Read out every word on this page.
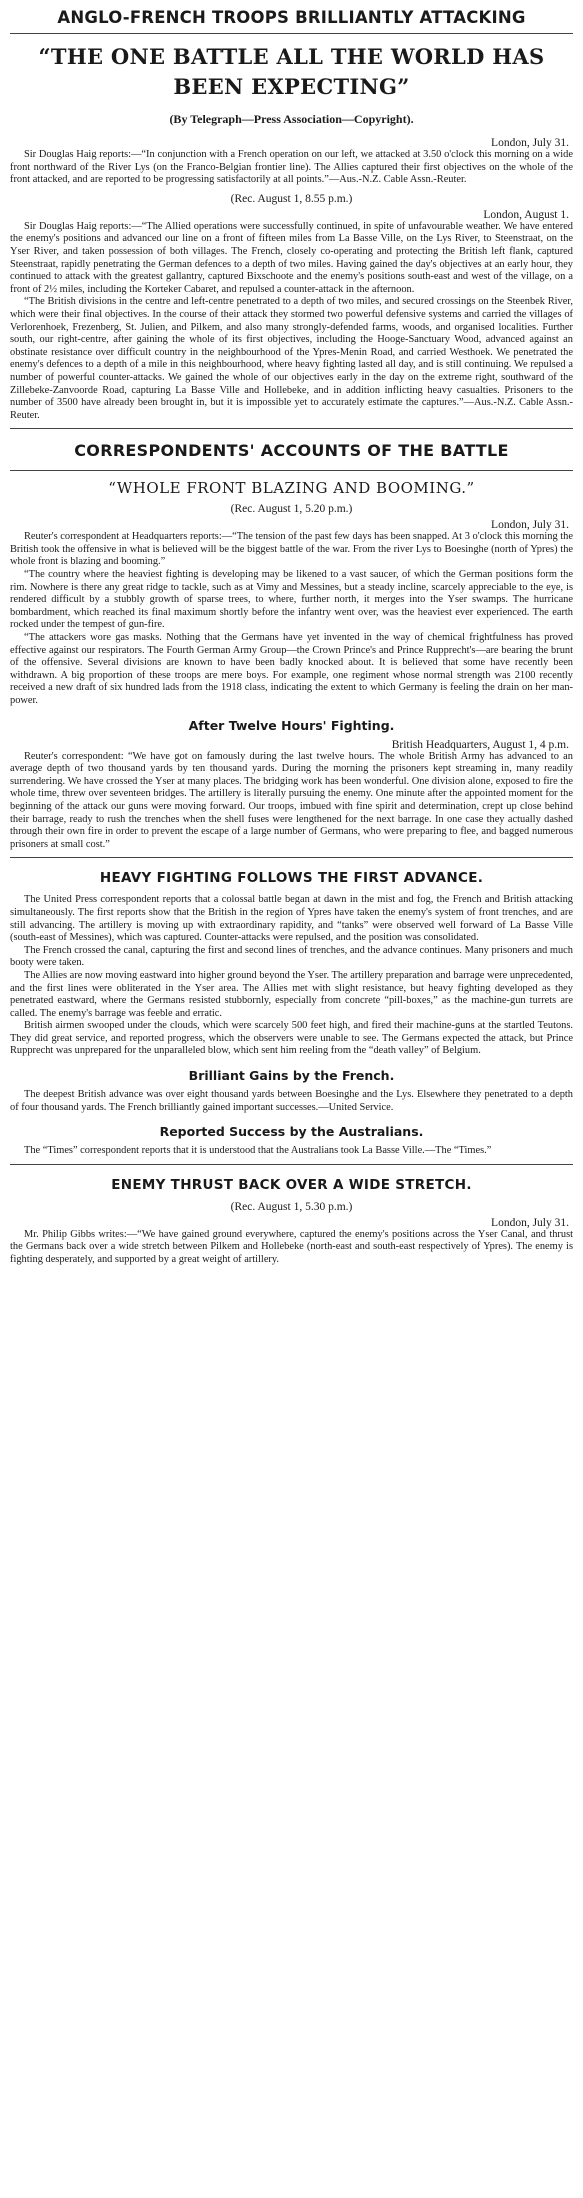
ANGLO-FRENCH TROOPS BRILLIANTLY ATTACKING
“THE ONE BATTLE ALL THE WORLD HAS BEEN EXPECTING”
(By Telegraph—Press Association—Copyright).
London, July 31.

Sir Douglas Haig reports:—“In conjunction with a French operation on our left, we attacked at 3.50 o'clock this morning on a wide front northward of the River Lys (on the Franco-Belgian frontier line). The Allies captured their first objectives on the whole of the front attacked, and are reported to be progressing satisfactorily at all points.”—Aus.-N.Z. Cable Assn.-Reuter.

(Rec. August 1, 8.55 p.m.)
London, August 1.

Sir Douglas Haig reports:—“The Allied operations were successfully continued, in spite of unfavourable weather. We have entered the enemy's positions and advanced our line on a front of fifteen miles from La Basse Ville, on the Lys River, to Steenstraat, on the Yser River, and taken possession of both villages. The French, closely co-operating and protecting the British left flank, captured Steenstraat, rapidly penetrating the German defences to a depth of two miles. Having gained the day's objectives at an early hour, they continued to attack with the greatest gallantry, captured Bixschoote and the enemy's positions south-east and west of the village, on a front of 2½ miles, including the Korteker Cabaret, and repulsed a counter-attack in the afternoon.

“The British divisions in the centre and left-centre penetrated to a depth of two miles, and secured crossings on the Steenbek River, which were their final objectives. In the course of their attack they stormed two powerful defensive systems and carried the villages of Verlorenhoek, Frezenberg, St. Julien, and Pilkem, and also many strongly-defended farms, woods, and organised localities. Further south, our right-centre, after gaining the whole of its first objectives, including the Hooge-Sanctuary Wood, advanced against an obstinate resistance over difficult country in the neighbourhood of the Ypres-Menin Road, and carried Westhoek. We penetrated the enemy's defences to a depth of a mile in this neighbourhood, where heavy fighting lasted all day, and is still continuing. We repulsed a number of powerful counter-attacks. We gained the whole of our objectives early in the day on the extreme right, southward of the Zillebeke-Zanvoorde Road, capturing La Basse Ville and Hollebeke, and in addition inflicting heavy casualties. Prisoners to the number of 3500 have already been brought in, but it is impossible yet to accurately estimate the captures.”—Aus.-N.Z. Cable Assn.-Reuter.

CORRESPONDENTS' ACCOUNTS OF THE BATTLE
“WHOLE FRONT BLAZING AND BOOMING.”
(Rec. August 1, 5.20 p.m.)
London, July 31.

Reuter's correspondent at Headquarters reports:—“The tension of the past few days has been snapped. At 3 o'clock this morning the British took the offensive in what is believed will be the biggest battle of the war. From the river Lys to Boesinghe (north of Ypres) the whole front is blazing and booming.”

“The country where the heaviest fighting is developing may be likened to a vast saucer, of which the German positions form the rim. Nowhere is there any great ridge to tackle, such as at Vimy and Messines, but a steady incline, scarcely appreciable to the eye, is rendered difficult by a stubbly growth of sparse trees, to where, further north, it merges into the Yser swamps. The hurricane bombardment, which reached its final maximum shortly before the infantry went over, was the heaviest ever experienced. The earth rocked under the tempest of gun-fire.

“The attackers wore gas masks. Nothing that the Germans have yet invented in the way of chemical frightfulness has proved effective against our respirators. The Fourth German Army Group—the Crown Prince's and Prince Rupprecht's—are bearing the brunt of the offensive. Several divisions are known to have been badly knocked about. It is believed that some have recently been withdrawn. A big proportion of these troops are mere boys. For example, one regiment whose normal strength was 2100 recently received a new draft of six hundred lads from the 1918 class, indicating the extent to which Germany is feeling the drain on her man-power.

After Twelve Hours' Fighting.
British Headquarters, August 1, 4 p.m.

Reuter's correspondent: “We have got on famously during the last twelve hours. The whole British Army has advanced to an average depth of two thousand yards by ten thousand yards. During the morning the prisoners kept streaming in, many readily surrendering. We have crossed the Yser at many places. The bridging work has been wonderful. One division alone, exposed to fire the whole time, threw over seventeen bridges. The artillery is literally pursuing the enemy. One minute after the appointed moment for the beginning of the attack our guns were moving forward. Our troops, imbued with fine spirit and determination, crept up close behind their barrage, ready to rush the trenches when the shell fuses were lengthened for the next barrage. In one case they actually dashed through their own fire in order to prevent the escape of a large number of Germans, who were preparing to flee, and bagged numerous prisoners at small cost.”

HEAVY FIGHTING FOLLOWS THE FIRST ADVANCE.

The United Press correspondent reports that a colossal battle began at dawn in the mist and fog, the French and British attacking simultaneously. The first reports show that the British in the region of Ypres have taken the enemy's system of front trenches, and are still advancing. The artillery is moving up with extraordinary rapidity, and “tanks” were observed well forward of La Basse Ville (south-east of Messines), which was captured. Counter-attacks were repulsed, and the position was consolidated.

The French crossed the canal, capturing the first and second lines of trenches, and the advance continues. Many prisoners and much booty were taken.

The Allies are now moving eastward into higher ground beyond the Yser. The artillery preparation and barrage were unprecedented, and the first lines were obliterated in the Yser area. The Allies met with slight resistance, but heavy fighting developed as they penetrated eastward, where the Germans resisted stubbornly, especially from concrete “pill-boxes,” as the machine-gun turrets are called. The enemy's barrage was feeble and erratic.

British airmen swooped under the clouds, which were scarcely 500 feet high, and fired their machine-guns at the startled Teutons. They did great service, and reported progress, which the observers were unable to see. The Germans expected the attack, but Prince Rupprecht was unprepared for the unparalleled blow, which sent him reeling from the “death valley” of Belgium.

Brilliant Gains by the French.

The deepest British advance was over eight thousand yards between Boesinghe and the Lys. Elsewhere they penetrated to a depth of four thousand yards. The French brilliantly gained important successes.—United Service.

Reported Success by the Australians.

The “Times” correspondent reports that it is understood that the Australians took La Basse Ville.—The “Times.”

ENEMY THRUST BACK OVER A WIDE STRETCH.
(Rec. August 1, 5.30 p.m.)
London, July 31.

Mr. Philip Gibbs writes:—“We have gained ground everywhere, captured the enemy's positions across the Yser Canal, and thrust the Germans back over a wide stretch between Pilkem and Hollebeke (north-east and south-east respectively of Ypres). The enemy is fighting desperately, and supported by a great weight of artillery.
